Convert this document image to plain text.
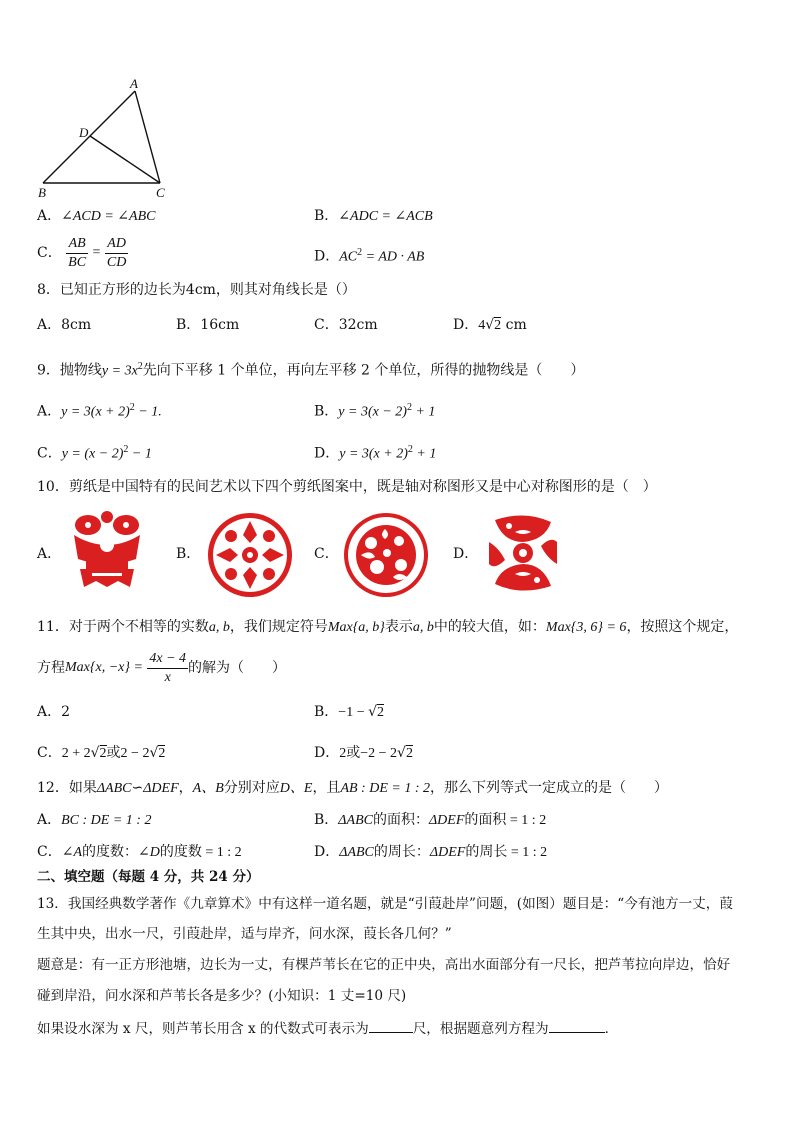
A
D
B	C
A．∠ACD = ∠ABC	B．∠ADC = ∠ACB
C． $\frac{AB}{BC} = \frac{AD}{CD}$	D．$AC^2$ = AD · AB
8．已知正方形的边长为4cm，则其对角线长是（）
A．8cm	B．16cm	C．32cm	D．4√2 cm
9．抛物线$y = 3x^2$先向下平移 1 个单位，再向左平移 2 个单位，所得的抛物线是（　　）
A．$y = 3(x + 2)^2 - 1$.	B．$y = 3(x - 2)^2 + 1$
C．$y = (x - 2)^2 - 1$	D．$y = 3(x + 2)^2 + 1$
10．剪纸是中国特有的民间艺术以下四个剪纸图案中，既是轴对称图形又是中心对称图形的是（　）
A．	B．	C．	D．
11．对于两个不相等的实数a, b，我们规定符号Max{a, b}表示a, b中的较大值，如：Max{3, 6} = 6，按照这个规定，
方程Max{x, $-x\} = \frac{4x - 4}{x}$ 的解为（　　）
A．2	B．−1 − √2
C．2 + 2√2或2 − 2√2	D．2或−2 − 2√2
12．如果ΔABC∽ΔDEF，A、B分别对应D、E，且AB : DE = 1 : 2，那么下列等式一定成立的是（　　）
A．BC : DE = 1 : 2	B．ΔABC的面积：ΔDEF的面积 = 1 : 2
C．∠A的度数：∠D的度数 = 1 : 2	D．ΔABC的周长：ΔDEF的周长 = 1 : 2
二、填空题（每题 4 分，共 24 分）
13．我国经典数学著作《九章算术》中有这样一道名题，就是“引葭赴岸”问题，(如图）题目是：“今有池方一丈，葭
生其中央，出水一尺，引葭赴岸，适与岸齐，问水深，葭长各几何？”
题意是：有一正方形池塘，边长为一丈，有棵芦苇长在它的正中央，高出水面部分有一尺长，把芦苇拉向岸边，恰好
碰到岸沿，问水深和芦苇长各是多少？(小知识：1 丈=10 尺)
如果设水深为 x 尺，则芦苇长用含 x 的代数式可表示为	尺，根据题意列方程为	．
